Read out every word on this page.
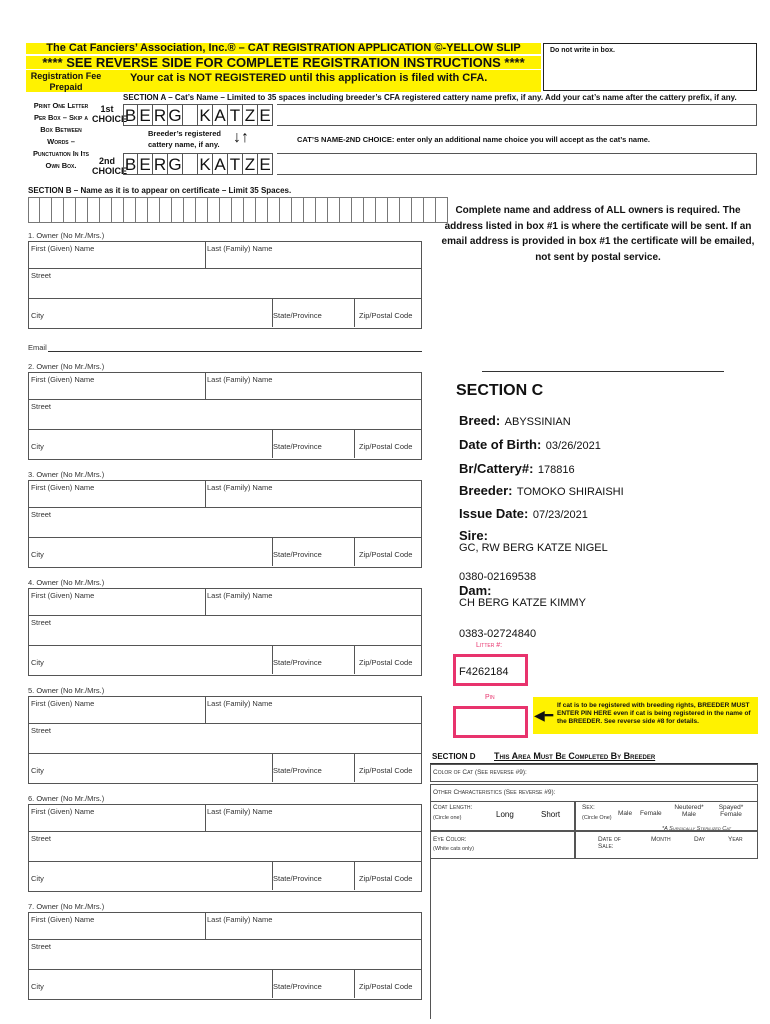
The Cat Fanciers’ Association, Inc.® – CAT REGISTRATION APPLICATION ©-YELLOW SLIP
**** SEE REVERSE SIDE FOR COMPLETE REGISTRATION INSTRUCTIONS ****
Registration Fee Prepaid
Your cat is NOT REGISTERED until this application is filed with CFA.
Do not write in box.
SECTION A – Cat’s Name – Limited to 35 spaces including breeder’s CFA registered cattery name prefix, if any. Add your cat’s name after the cattery prefix, if any.
Print One Letter Per Box – Skip a Box Between Words – Punctuation In Its Own Box.
1st CHOICE
B E R G K A T Z E
Breeder’s registered cattery name, if any. ↓↑	CAT’S NAME-2ND CHOICE: enter only an additional name choice you will accept as the cat’s name.
2nd CHOICE
B E R G K A T Z E
SECTION B – Name as it is to appear on certificate – Limit 35 Spaces.
Complete name and address of ALL owners is required. The address listed in box #1 is where the certificate will be sent. If an email address is provided in box #1 the certificate will be emailed, not sent by postal service.
1. Owner (No Mr./Mrs.)
First (Given) Name	Last (Family) Name
Street
City	State/Province	Zip/Postal Code
2. Owner (No Mr./Mrs.)
First (Given) Name	Last (Family) Name
Street
City	State/Province	Zip/Postal Code
3. Owner (No Mr./Mrs.)
First (Given) Name	Last (Family) Name
Street
City	State/Province	Zip/Postal Code
4. Owner (No Mr./Mrs.)
First (Given) Name	Last (Family) Name
Street
City	State/Province	Zip/Postal Code
5. Owner (No Mr./Mrs.)
First (Given) Name	Last (Family) Name
Street
City	State/Province	Zip/Postal Code
6. Owner (No Mr./Mrs.)
First (Given) Name	Last (Family) Name
Street
City	State/Province	Zip/Postal Code
7. Owner (No Mr./Mrs.)
First (Given) Name	Last (Family) Name
Street
City	State/Province	Zip/Postal Code
Email
SECTION C
Breed: ABYSSINIAN
Date of Birth: 03/26/2021
Br/Cattery#: 178816
Breeder: TOMOKO SHIRAISHI
Issue Date: 07/23/2021
Sire:
GC, RW BERG KATZE NIGEL
0380-02169538
Dam:
CH BERG KATZE KIMMY
0383-02724840
Litter #:
F4262184
Pin
If cat is to be registered with breeding rights, BREEDER MUST ENTER PIN HERE even if cat is being registered in the name of the BREEDER. See reverse side #8 for details.
◀━
SECTION D This Area Must Be Completed By Breeder
Color of Cat (See reverse #9):
Other Characteristics (See reverse #9):
Coat Length:
(Circle one)	Long	Short
Sex:
(Circle One)
Male Female
Neutered* Male
Spayed* Female
*A Surgically Sterilized Cat
Eye Color:
(White cats only)
Date of Sale:
Month	Day	Year
